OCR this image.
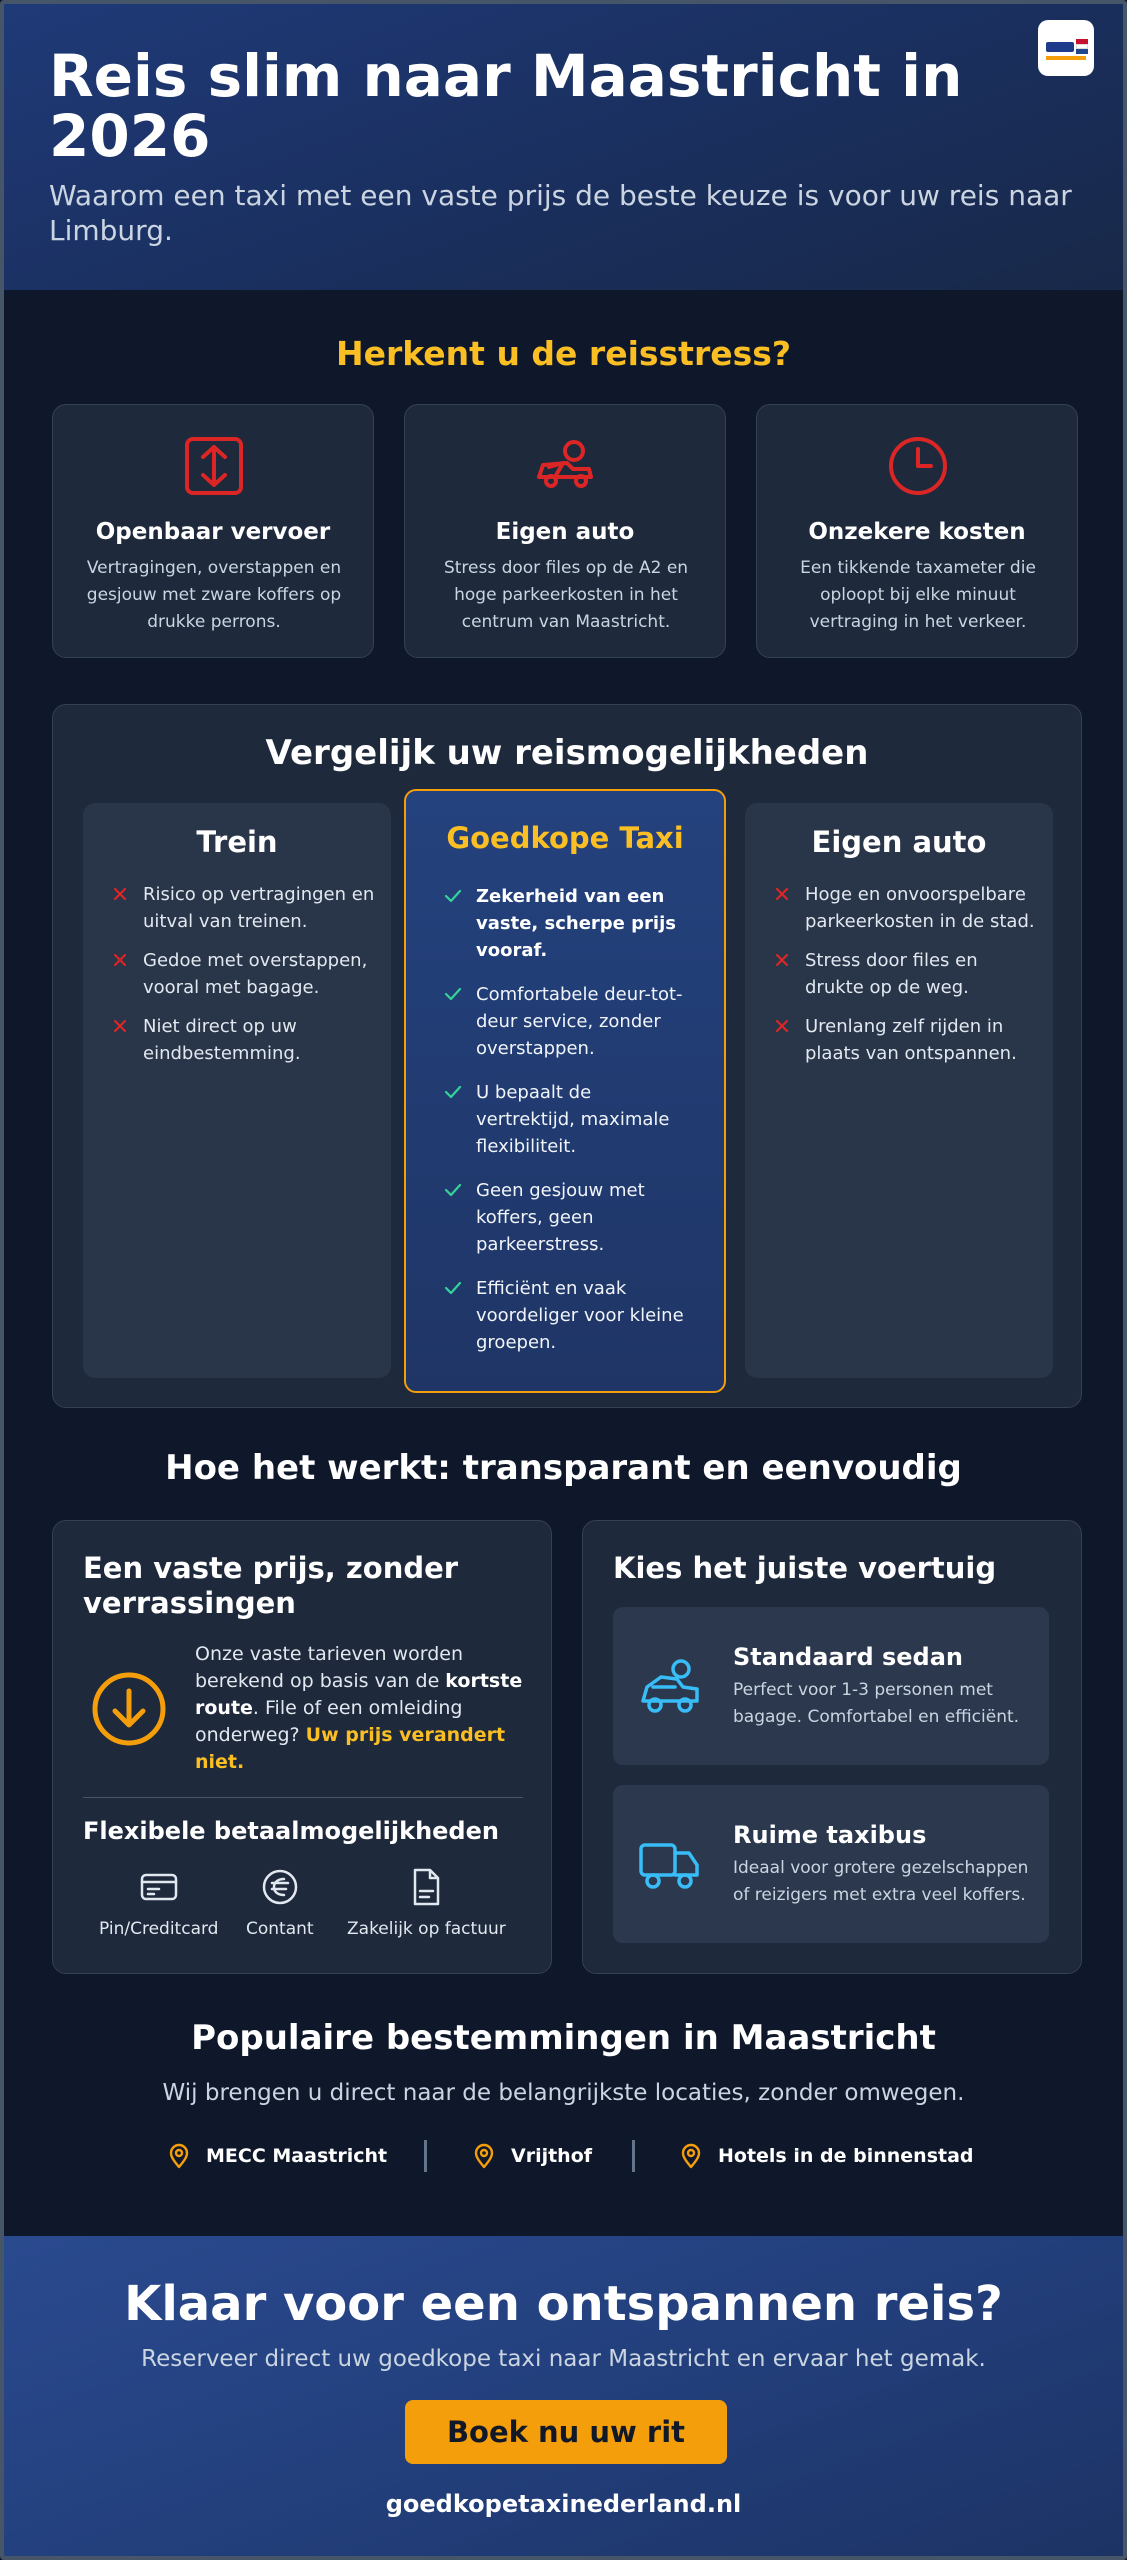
Reis slim naar Maastricht in 2026

Waarom een taxi met een vaste prijs de beste keuze is voor uw reis naar Limburg.

Herkent u de reisstress?
Openbaar vervoer

Vertragingen, overstappen en gesjouw met zware koffers op drukke perrons.

Eigen auto

Stress door files op de A2 en hoge parkeerkosten in het centrum van Maastricht.

Onzekere kosten

Een tikkende taxameter die oploopt bij elke minuut vertraging in het verkeer.

Vergelijk uw reismogelijkheden
Trein
Risico op vertragingen en uitval van treinen.
Gedoe met overstappen, vooral met bagage.
Niet direct op uw eindbestemming.
Goedkope Taxi
Zekerheid van een vaste, scherpe prijs vooraf.
Comfortabele deur-tot-deur service, zonder overstappen.
U bepaalt de vertrektijd, maximale flexibiliteit.
Geen gesjouw met koffers, geen parkeerstress.
Efficiënt en vaak voordeliger voor kleine groepen.
Eigen auto
Hoge en onvoorspelbare parkeerkosten in de stad.
Stress door files en drukte op de weg.
Urenlang zelf rijden in plaats van ontspannen.
Hoe het werkt: transparant en eenvoudig
Een vaste prijs, zonder verrassingen
Onze vaste tarieven worden berekend op basis van de kortste route. File of een omleiding onderweg? Uw prijs verandert niet.
Flexibele betaalmogelijkheden
Pin/Creditcard Contant Zakelijk op factuur
Kies het juiste voertuig
Standaard sedan

Perfect voor 1-3 personen met bagage. Comfortabel en efficiënt.

Ruime taxibus

Ideaal voor grotere gezelschappen of reizigers met extra veel koffers.

Populaire bestemmingen in Maastricht
Wij brengen u direct naar de belangrijkste locaties, zonder omwegen.
MECC Maastricht	Vrijthof	Hotels in de binnenstad
Klaar voor een ontspannen reis?

Reserveer direct uw goedkope taxi naar Maastricht en ervaar het gemak.

Boek nu uw rit
goedkopetaxinederland.nl
